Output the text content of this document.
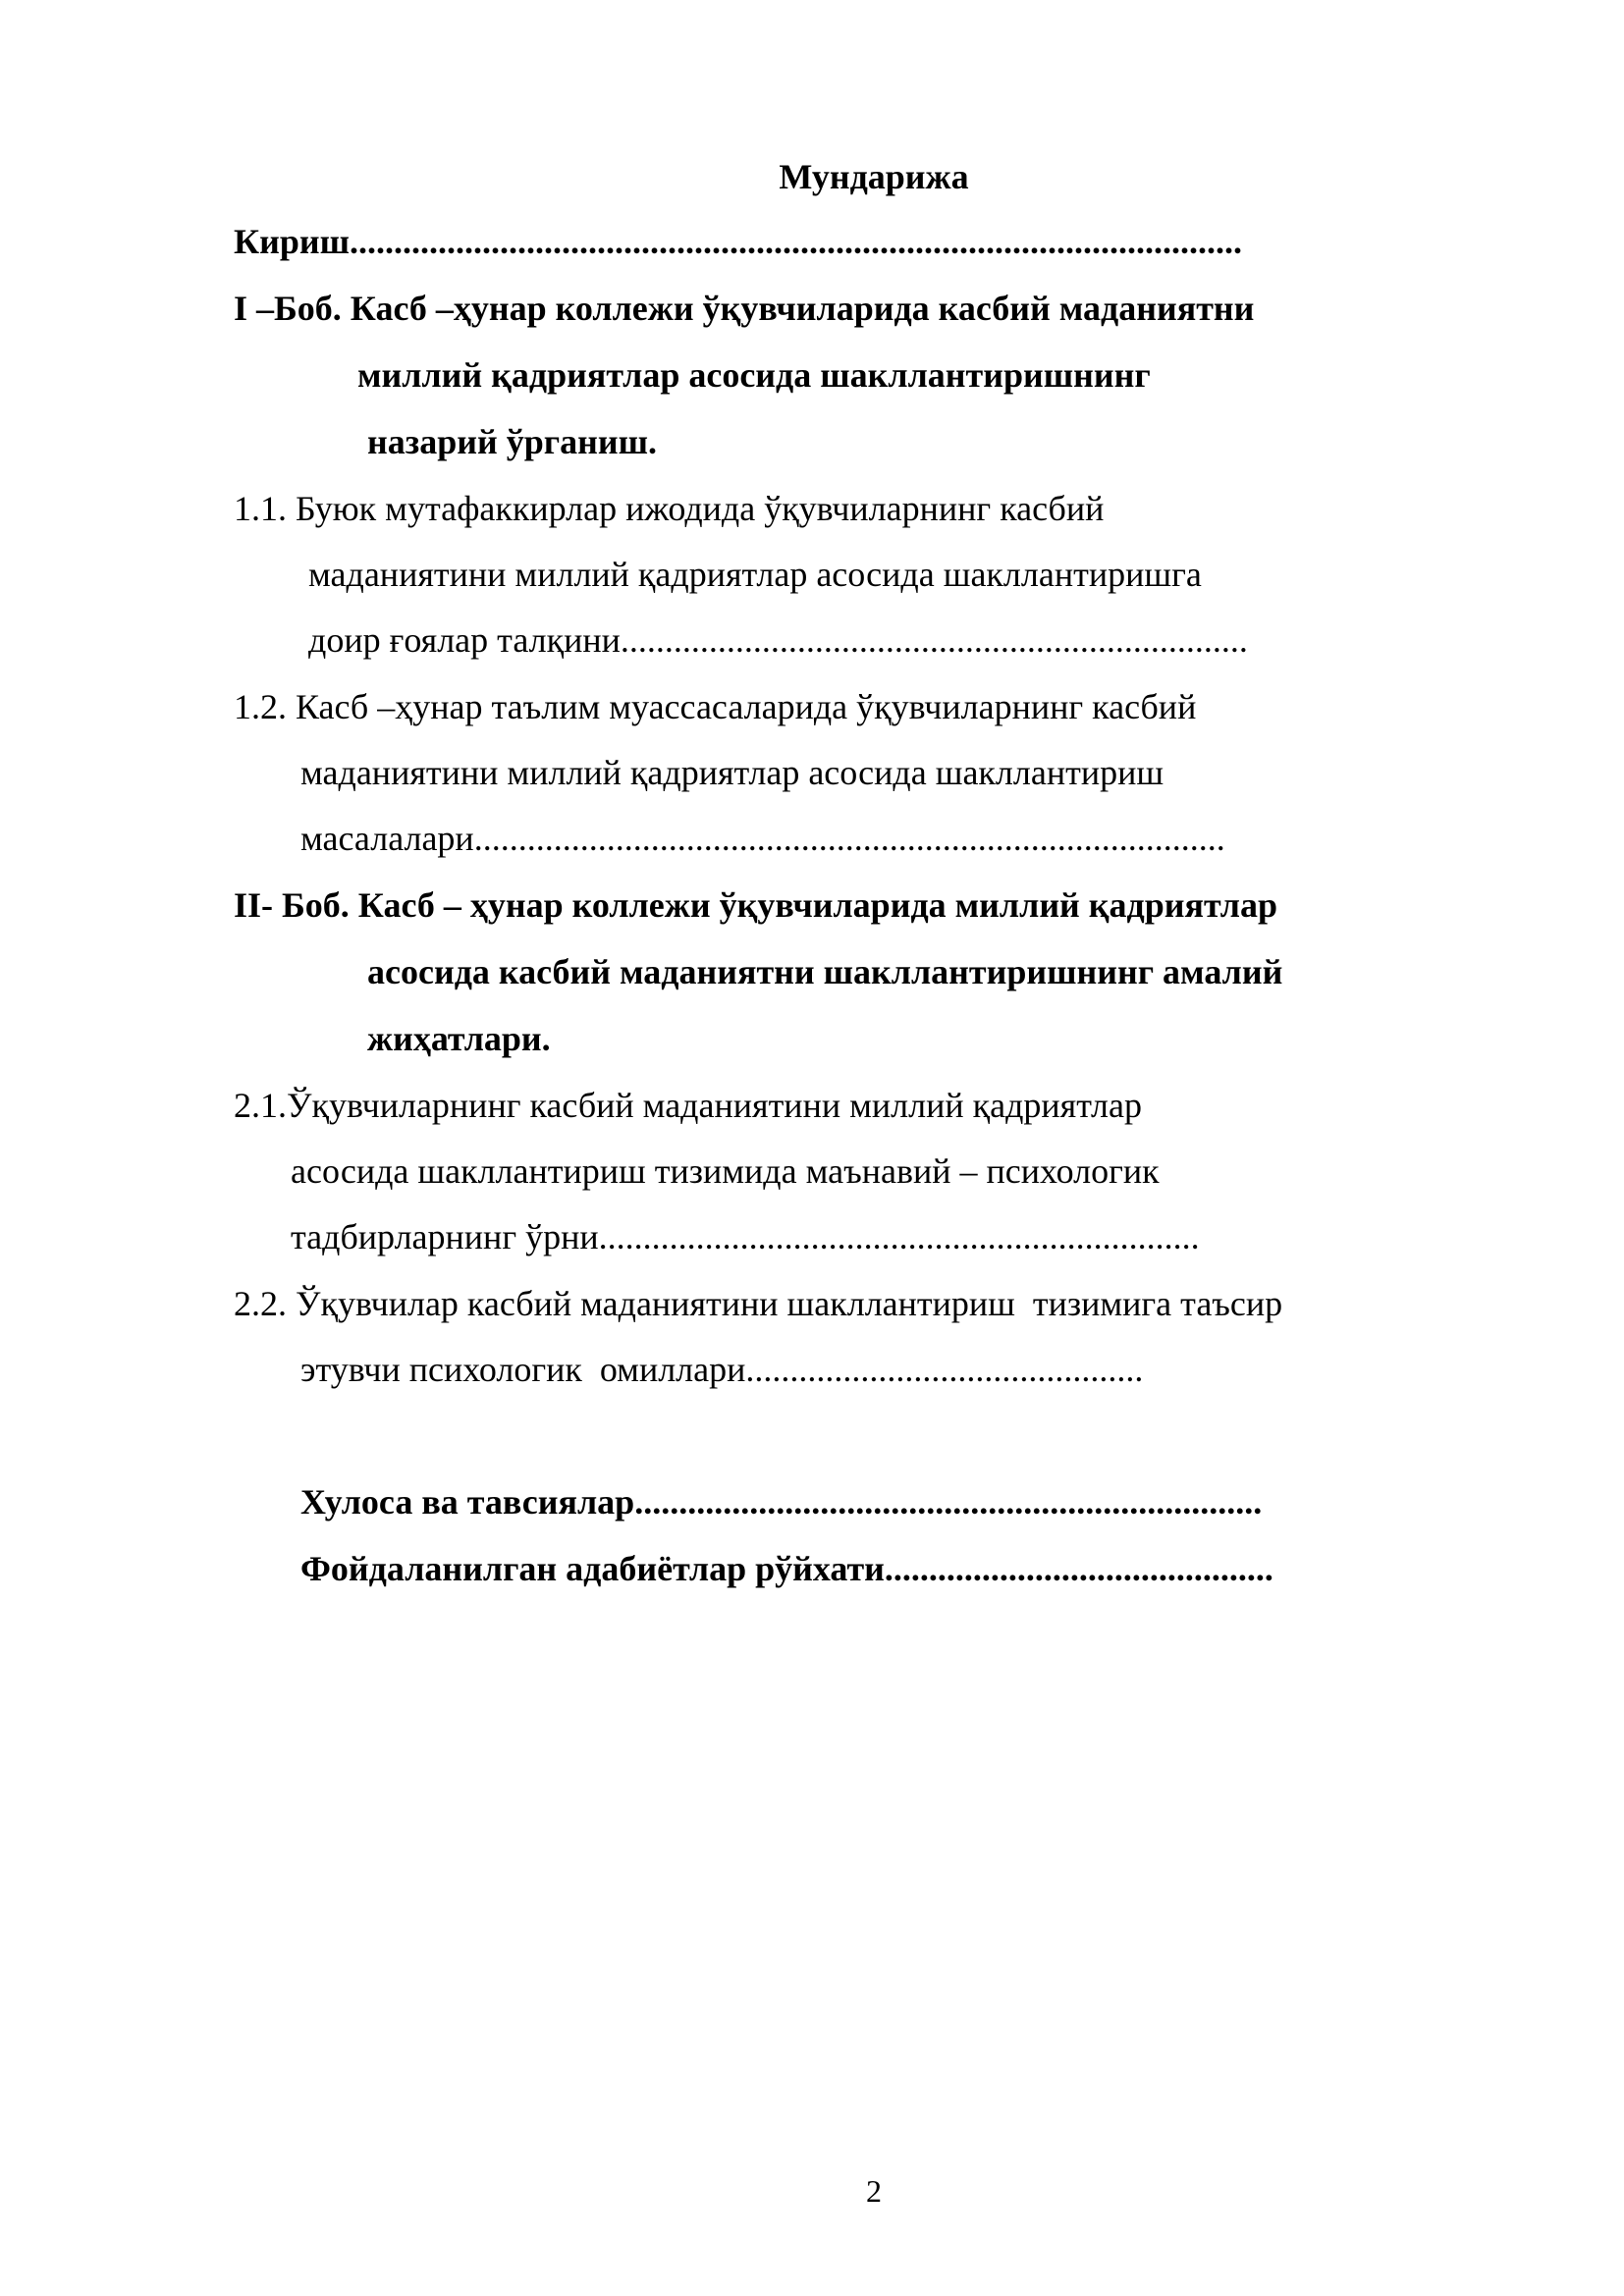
Мундарижа
Кириш.....................................................................................................
I –Боб. Касб –ҳунар коллежи ўқувчиларида касбий маданиятни
миллий қадриятлар асосида шакллантиришнинг
назарий ўрганиш.
1.1. Буюк мутафаккирлар ижодида ўқувчиларнинг касбий
маданиятини миллий қадриятлар асосида шакллантиришга
доир ғоялар талқини.......................................................................
1.2. Касб –ҳунар таълим муассасаларида ўқувчиларнинг касбий
маданиятини миллий қадриятлар асосида шакллантириш
масалалари.....................................................................................
II- Боб. Касб – ҳунар коллежи ўқувчиларида миллий қадриятлар
асосида касбий маданиятни шакллантиришнинг амалий
жиҳатлари.
2.1.Ўқувчиларнинг касбий маданиятини миллий қадриятлар
асосида шакллантириш тизимида маънавий – психологик
тадбирларнинг ўрни....................................................................
2.2. Ўқувчилар касбий маданиятини шакллантириш  тизимига таъсир
этувчи психологик  омиллари.............................................
Хулоса ва тавсиялар.......................................................................
Фойдаланилган адабиётлар рўйхати............................................
2
